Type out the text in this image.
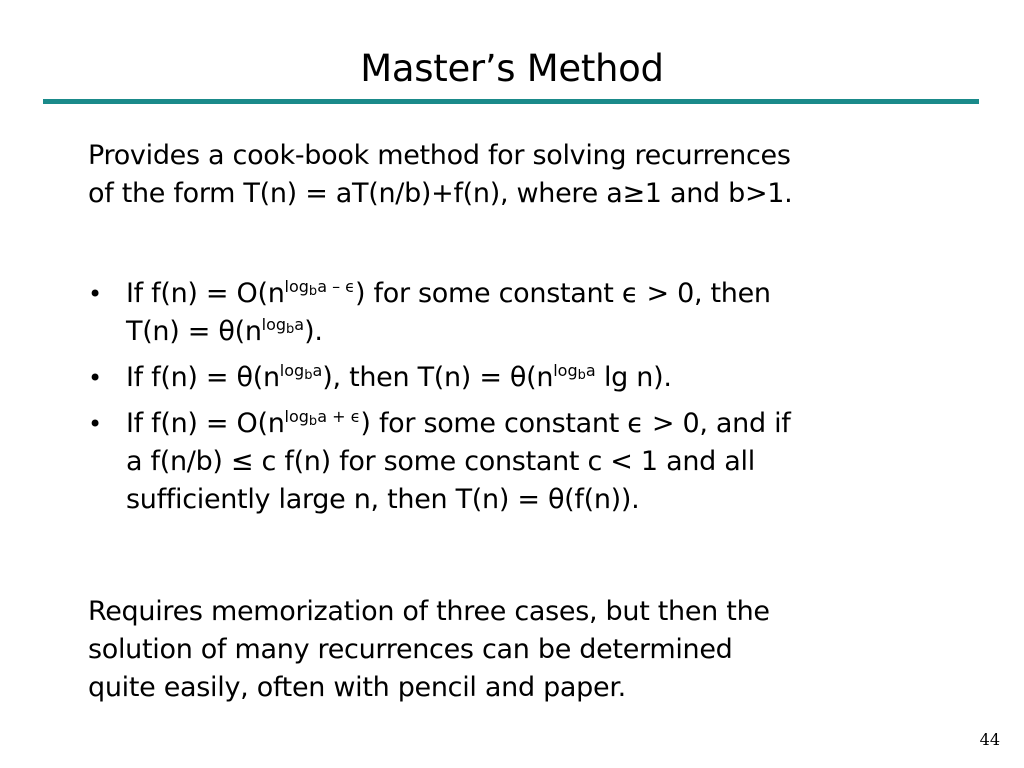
Master’s Method

Provides a cook-book method for solving recurrences
of the form T(n) = aT(n/b)+f(n), where a≥1 and b>1.

• If $f(n) = O(n^{log_ba - \epsilon})$ for some constant ϵ > 0, then
$T(n) = \theta(n^{log_ba})$.
• If $f(n) = \theta(n^{log_ba})$, then $T(n) = \theta(n^{log_ba}$ lg n).
• If $f(n) = O(n^{log_ba + \epsilon})$ for some constant ϵ > 0, and if
a f(n/b) ≤ c f(n) for some constant c < 1 and all
sufficiently large n, then T(n) = θ(f(n)).

Requires memorization of three cases, but then the
solution of many recurrences can be determined
quite easily, often with pencil and paper.

44
